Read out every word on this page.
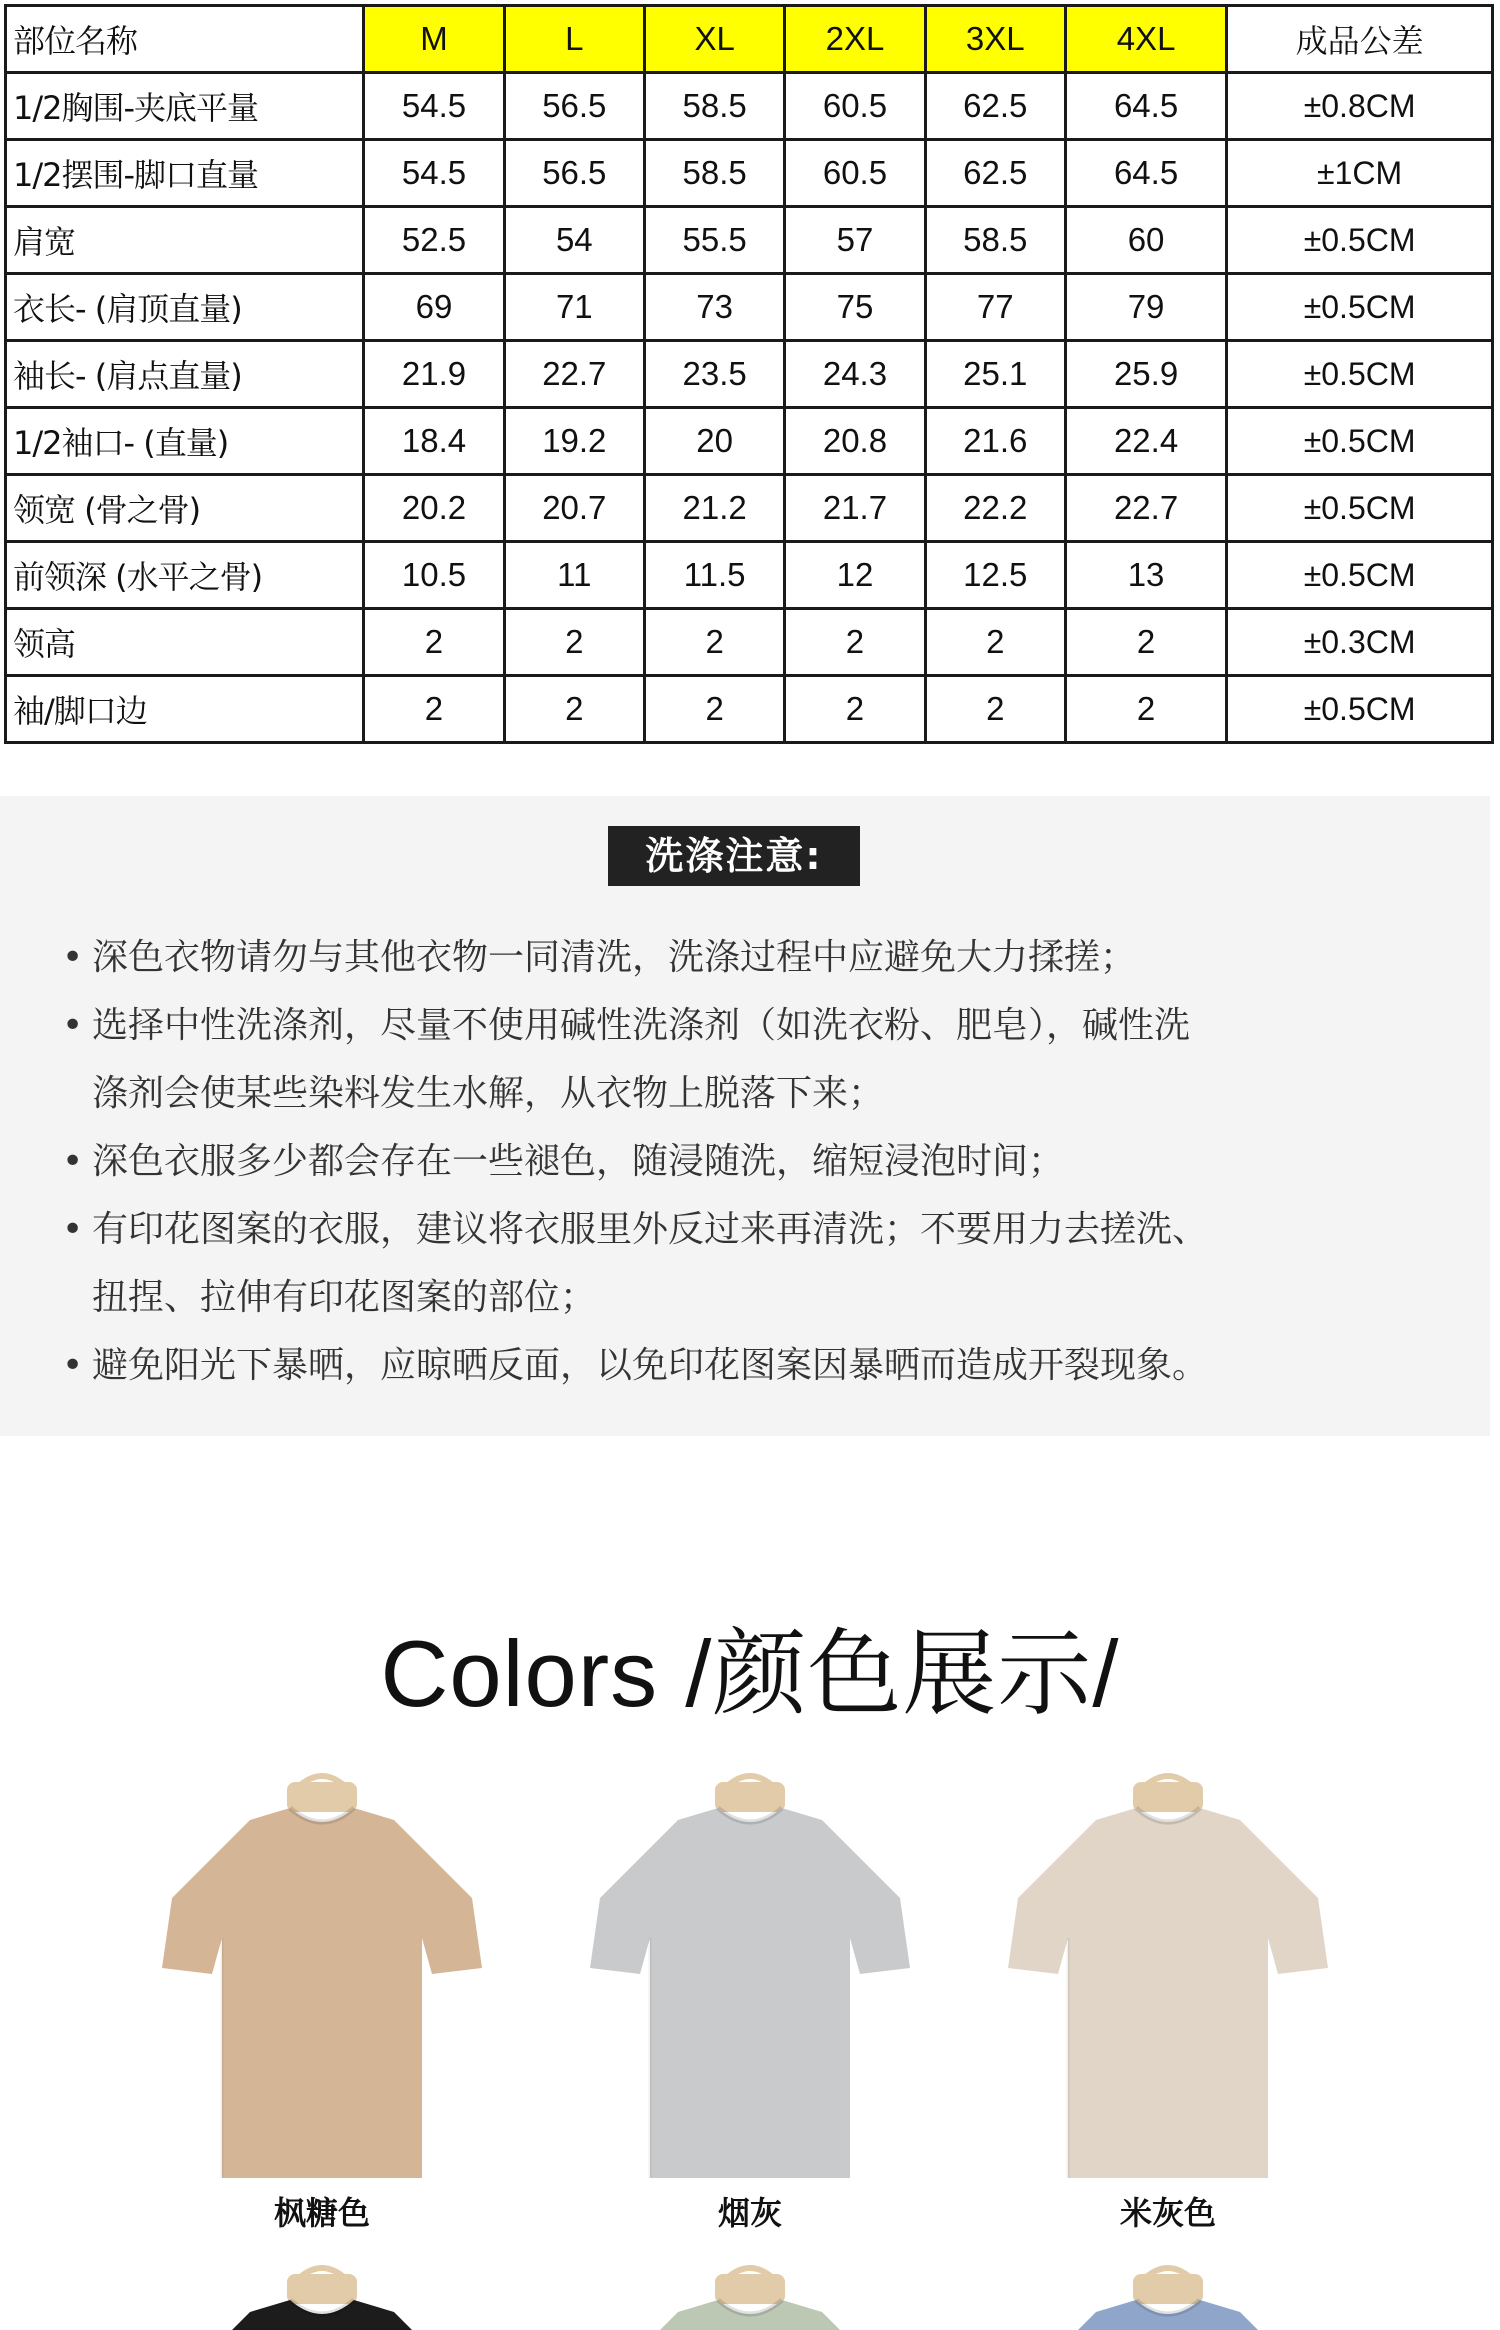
部位名称	M	L	XL	2XL	3XL	4XL	成品公差
1/2胸围-夹底平量	54.5	56.5	58.5	60.5	62.5	64.5	±0.8CM
1/2摆围-脚口直量	54.5	56.5	58.5	60.5	62.5	64.5	±1CM
肩宽	52.5	54	55.5	57	58.5	60	±0.5CM
衣长- (肩顶直量)	69	71	73	75	77	79	±0.5CM
袖长- (肩点直量)	21.9	22.7	23.5	24.3	25.1	25.9	±0.5CM
1/2袖口- (直量)	18.4	19.2	20	20.8	21.6	22.4	±0.5CM
领宽 (骨之骨)	20.2	20.7	21.2	21.7	22.2	22.7	±0.5CM
前领深 (水平之骨)	10.5	11	11.5	12	12.5	13	±0.5CM
领高	2	2	2	2	2	2	±0.3CM
袖/脚口边	2	2	2	2	2	2	±0.5CM
洗涤注意:
• 深色衣物请勿与其他衣物一同清洗，洗涤过程中应避免大力揉搓；
• 选择中性洗涤剂，尽量不使用碱性洗涤剂（如洗衣粉、肥皂），碱性洗
涤剂会使某些染料发生水解，从衣物上脱落下来；
• 深色衣服多少都会存在一些褪色，随浸随洗，缩短浸泡时间；
• 有印花图案的衣服，建议将衣服里外反过来再清洗；不要用力去搓洗、
扭捏、拉伸有印花图案的部位；
• 避免阳光下暴晒，应晾晒反面，以免印花图案因暴晒而造成开裂现象。
Colors /颜色展示/
枫糖色	烟灰	米灰色
